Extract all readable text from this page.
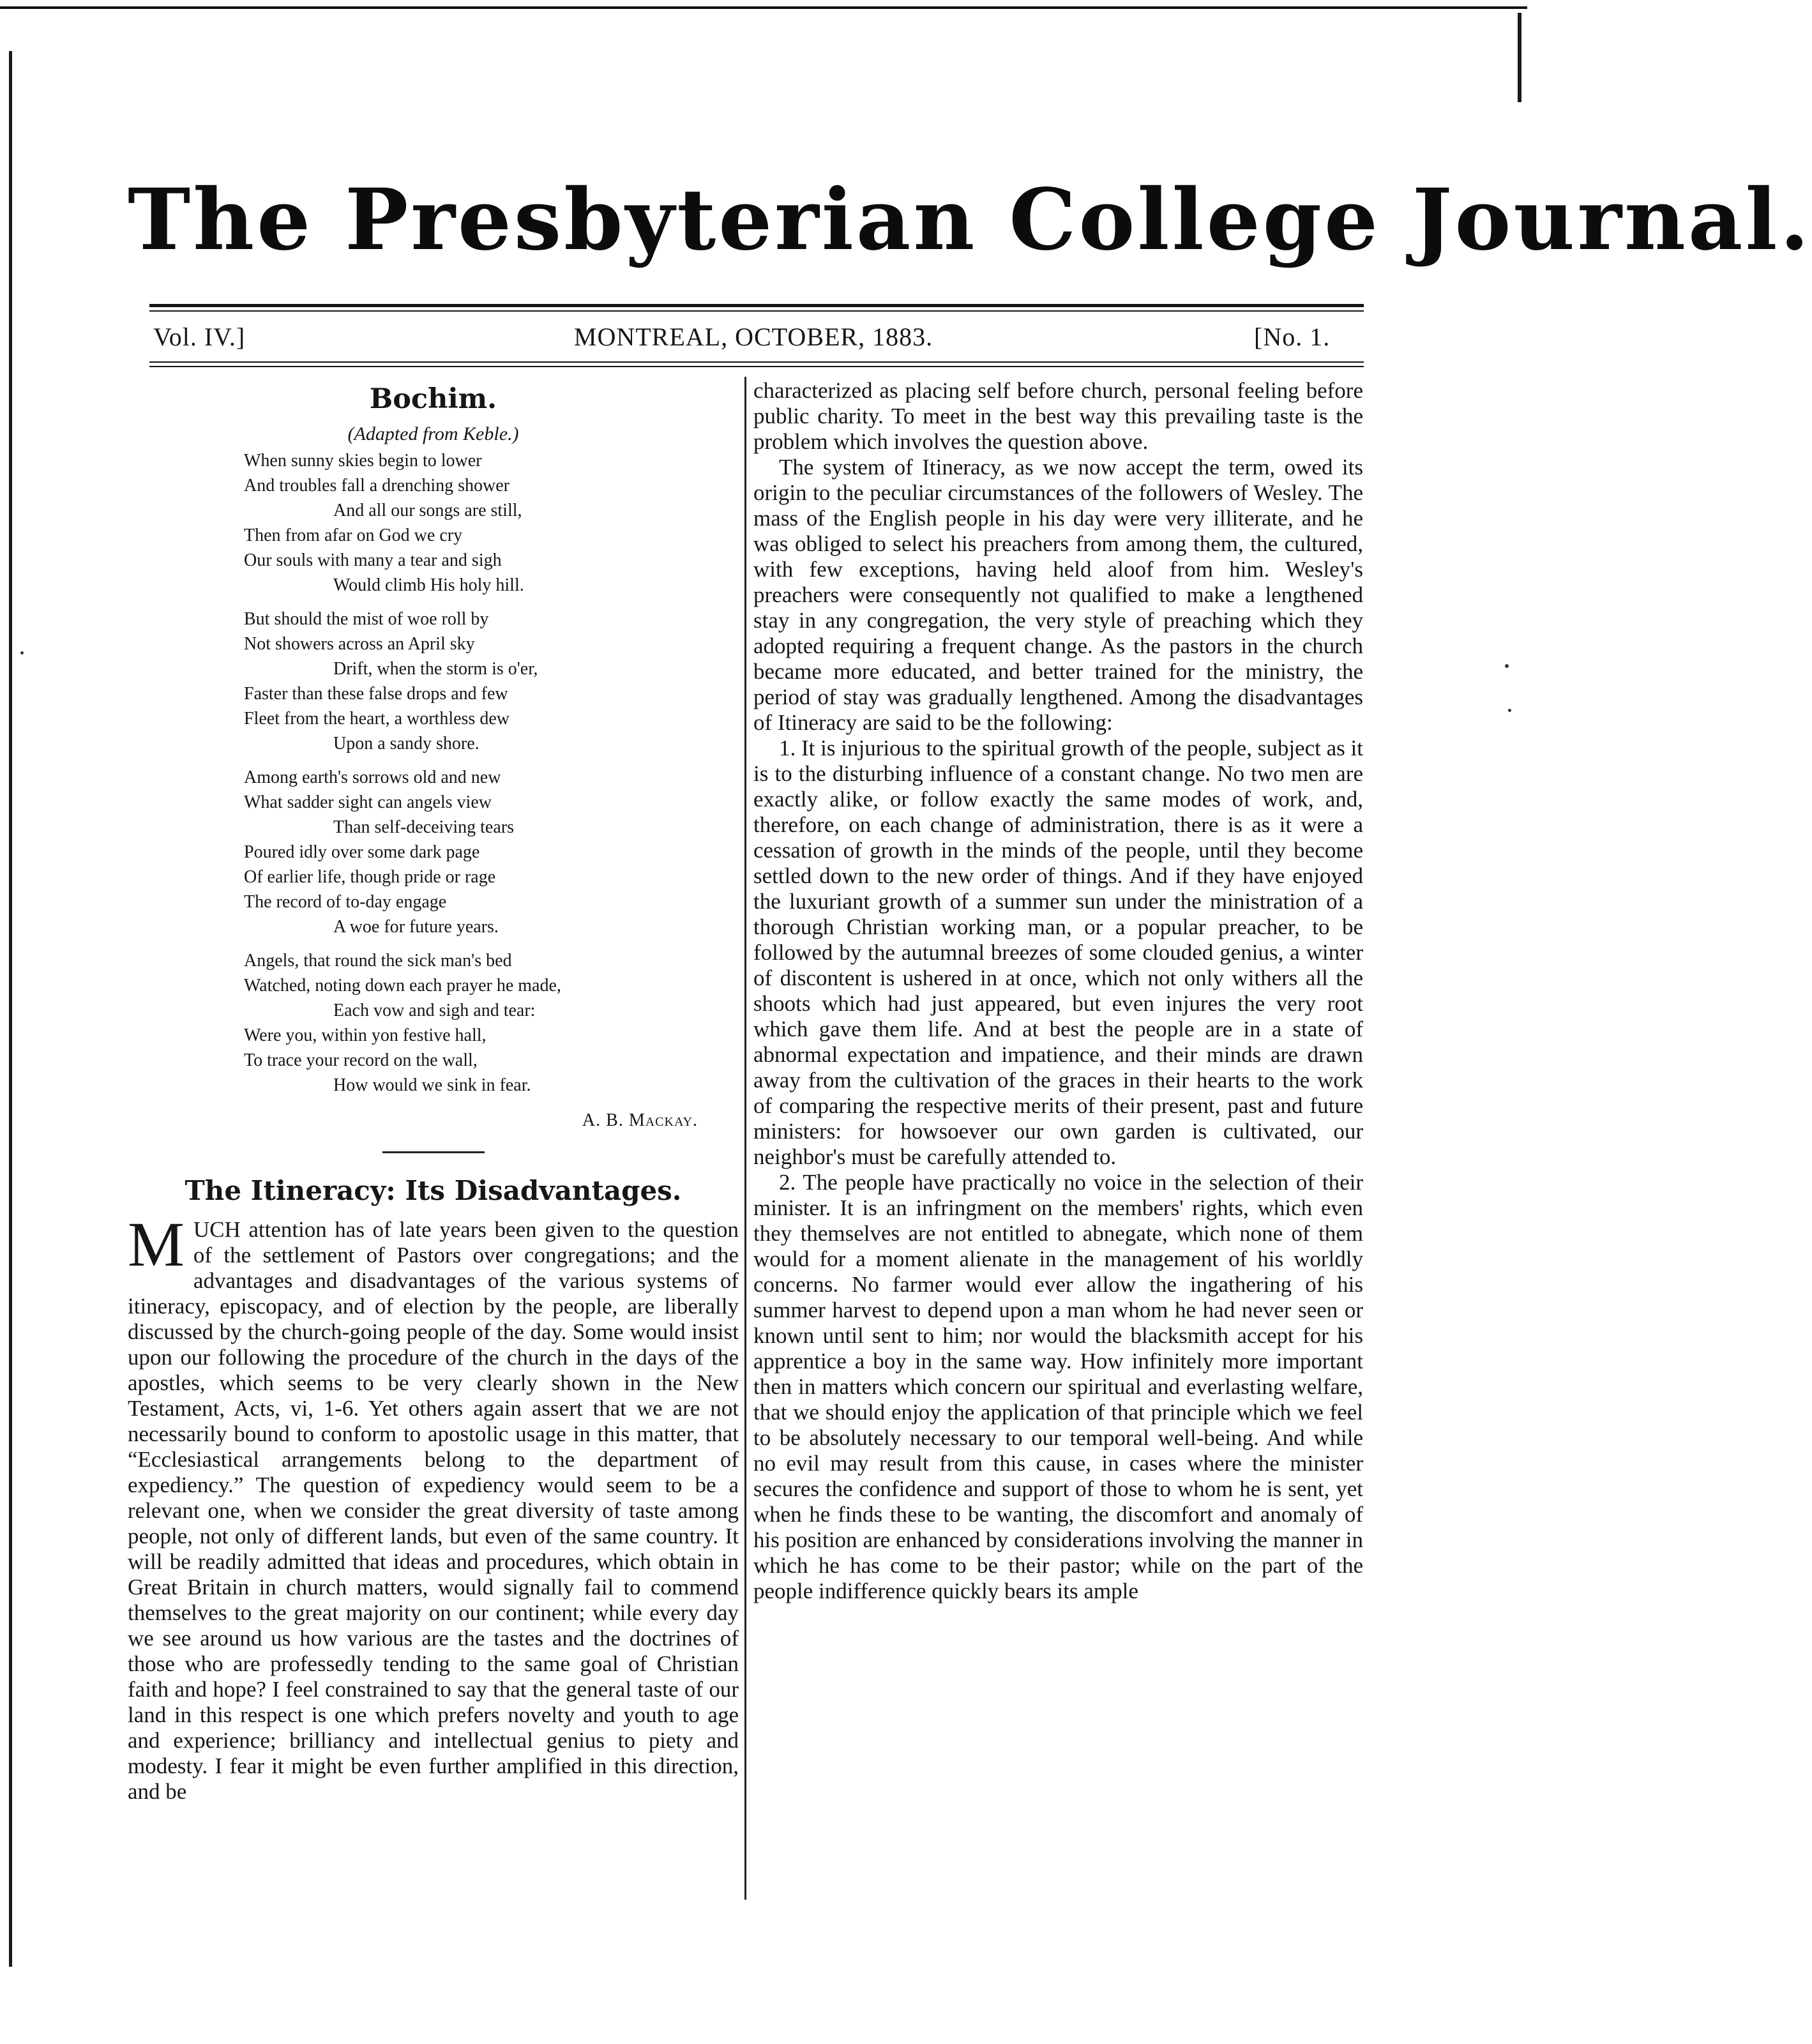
The Presbyterian College Journal.
Vol. IV.]	MONTREAL, OCTOBER, 1883.	[No. 1.
Bochim.
(Adapted from Keble.)
When sunny skies begin to lower
And troubles fall a drenching shower
And all our songs are still,
Then from afar on God we cry
Our souls with many a tear and sigh
Would climb His holy hill.
But should the mist of woe roll by
Not showers across an April sky
Drift, when the storm is o'er,
Faster than these false drops and few
Fleet from the heart, a worthless dew
Upon a sandy shore.
Among earth's sorrows old and new
What sadder sight can angels view
Than self-deceiving tears
Poured idly over some dark page
Of earlier life, though pride or rage
The record of to-day engage
A woe for future years.
Angels, that round the sick man's bed
Watched, noting down each prayer he made,
Each vow and sigh and tear:
Were you, within yon festive hall,
To trace your record on the wall,
How would we sink in fear.
A. B. Mackay.
The Itineracy: Its Disadvantages.

MUCH attention has of late years been given to the question of the settlement of Pastors over congregations; and the advantages and disadvantages of the various systems of itineracy, episcopacy, and of election by the people, are liberally discussed by the church-going people of the day. Some would insist upon our following the procedure of the church in the days of the apostles, which seems to be very clearly shown in the New Testament, Acts, vi, 1-6. Yet others again assert that we are not necessarily bound to conform to apostolic usage in this matter, that “Ecclesiastical arrangements belong to the department of expediency.” The question of expediency would seem to be a relevant one, when we consider the great diversity of taste among people, not only of different lands, but even of the same country. It will be readily admitted that ideas and procedures, which obtain in Great Britain in church matters, would signally fail to commend themselves to the great majority on our continent; while every day we see around us how various are the tastes and the doctrines of those who are professedly tending to the same goal of Christian faith and hope? I feel constrained to say that the general taste of our land in this respect is one which prefers novelty and youth to age and experience; brilliancy and intellectual genius to piety and modesty. I fear it might be even further amplified in this direction, and be

characterized as placing self before church, personal feeling before public charity. To meet in the best way this prevailing taste is the problem which involves the question above.

The system of Itineracy, as we now accept the term, owed its origin to the peculiar circumstances of the followers of Wesley. The mass of the English people in his day were very illiterate, and he was obliged to select his preachers from among them, the cultured, with few exceptions, having held aloof from him. Wesley's preachers were consequently not qualified to make a lengthened stay in any congregation, the very style of preaching which they adopted requiring a frequent change. As the pastors in the church became more educated, and better trained for the ministry, the period of stay was gradually lengthened. Among the disadvantages of Itineracy are said to be the following:

1. It is injurious to the spiritual growth of the people, subject as it is to the disturbing influence of a constant change. No two men are exactly alike, or follow exactly the same modes of work, and, therefore, on each change of administration, there is as it were a cessation of growth in the minds of the people, until they become settled down to the new order of things. And if they have enjoyed the luxuriant growth of a summer sun under the ministration of a thorough Christian working man, or a popular preacher, to be followed by the autumnal breezes of some clouded genius, a winter of discontent is ushered in at once, which not only withers all the shoots which had just appeared, but even injures the very root which gave them life. And at best the people are in a state of abnormal expectation and impatience, and their minds are drawn away from the cultivation of the graces in their hearts to the work of comparing the respective merits of their present, past and future ministers: for howsoever our own garden is cultivated, our neighbor's must be carefully attended to.

2. The people have practically no voice in the selection of their minister. It is an infringment on the members' rights, which even they themselves are not entitled to abnegate, which none of them would for a moment alienate in the management of his worldly concerns. No farmer would ever allow the ingathering of his summer harvest to depend upon a man whom he had never seen or known until sent to him; nor would the blacksmith accept for his apprentice a boy in the same way. How infinitely more important then in matters which concern our spiritual and everlasting welfare, that we should enjoy the application of that principle which we feel to be absolutely necessary to our temporal well-being. And while no evil may result from this cause, in cases where the minister secures the confidence and support of those to whom he is sent, yet when he finds these to be wanting, the discomfort and anomaly of his position are enhanced by considerations involving the manner in which he has come to be their pastor; while on the part of the people indifference quickly bears its ample
